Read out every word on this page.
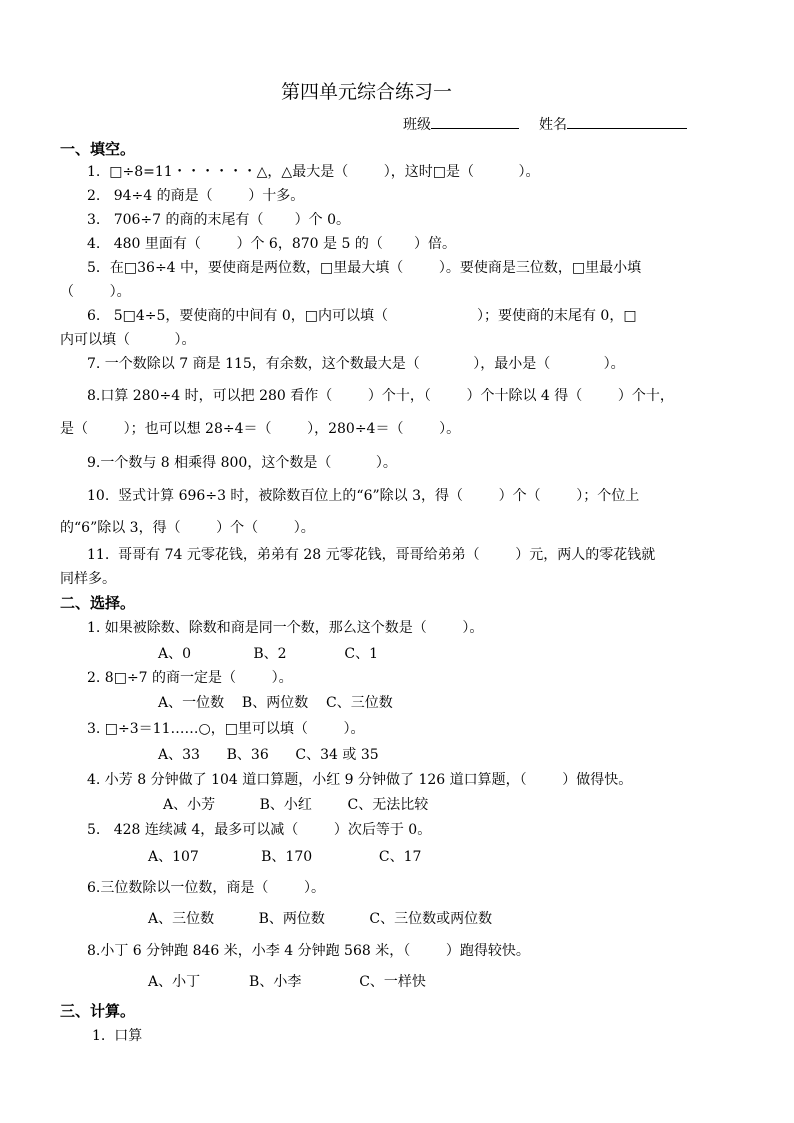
第四单元综合练习一
班级	姓名
一、填空。
1.  □÷8=11・・・・・・△，△最大是（        ），这时□是（          ）。
2.   94÷4 的商是（        ）十多。
3.   706÷7 的商的末尾有（       ）个 0。
4.   480 里面有（        ）个 6，870 是 5 的（       ）倍。
5．在□36÷4 中，要使商是两位数，□里最大填（        ）。要使商是三位数，□里最小填
（        ）。
6.   5□4÷5，要使商的中间有 0，□内可以填（                    ）；要使商的末尾有 0，□
内可以填（          ）。
7. 一个数除以 7 商是 115，有余数，这个数最大是（            ），最小是（            ）。
8.口算 280÷4 时，可以把 280 看作（        ）个十，（        ）个十除以 4 得（        ）个十，
是（        ）；也可以想 28÷4＝（        ），280÷4＝（        ）。
9.一个数与 8 相乘得 800，这个数是（          ）。
10.  竖式计算 696÷3 时，被除数百位上的“6”除以 3，得（        ）个（        ）；个位上
的“6”除以 3，得（        ）个（        ）。
11.  哥哥有 74 元零花钱，弟弟有 28 元零花钱，哥哥给弟弟（        ）元，两人的零花钱就
同样多。
二、选择。
1. 如果被除数、除数和商是同一个数，那么这个数是（        ）。
A、0              B、2             C、1
2. 8□÷7 的商一定是（        ）。
A、一位数    B、两位数    C、三位数
3. □÷3＝11……○，□里可以填（        ）。
A、33      B、36      C、34 或 35
4. 小芳 8 分钟做了 104 道口算题，小红 9 分钟做了 126 道口算题，（        ）做得快。
A、小芳          B、小红        C、无法比较
5.   428 连续减 4，最多可以减（        ）次后等于 0。
A、107              B、170               C、17
6.三位数除以一位数，商是（        ）。
A、三位数          B、两位数          C、三位数或两位数
8.小丁 6 分钟跑 846 米，小李 4 分钟跑 568 米，（        ）跑得较快。
A、小丁           B、小李             C、一样快
三、计算。
1.  口算
